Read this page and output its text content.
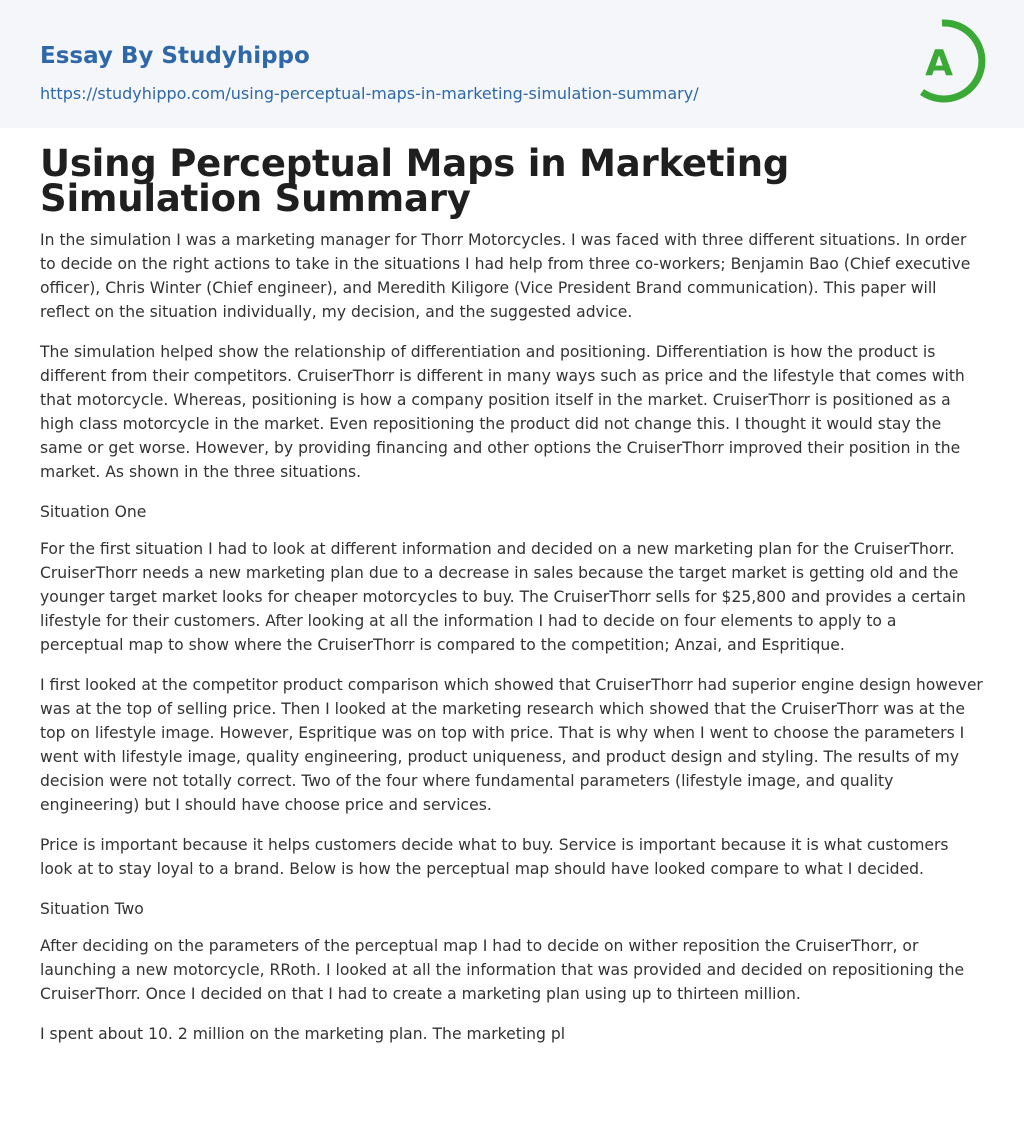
Essay By Studyhippo
https://studyhippo.com/using-perceptual-maps-in-marketing-simulation-summary/
A
Using Perceptual Maps in Marketing Simulation Summary

In the simulation I was a marketing manager for Thorr Motorcycles. I was faced with three different situations. In order to decide on the right actions to take in the situations I had help from three co-workers; Benjamin Bao (Chief executive officer), Chris Winter (Chief engineer), and Meredith Kiligore (Vice President Brand communication). This paper will reflect on the situation individually, my decision, and the suggested advice.

The simulation helped show the relationship of differentiation and positioning. Differentiation is how the product is different from their competitors. CruiserThorr is different in many ways such as price and the lifestyle that comes with that motorcycle. Whereas, positioning is how a company position itself in the market. CruiserThorr is positioned as a high class motorcycle in the market. Even repositioning the product did not change this. I thought it would stay the same or get worse. However, by providing financing and other options the CruiserThorr improved their position in the market. As shown in the three situations.

Situation One

For the first situation I had to look at different information and decided on a new marketing plan for the CruiserThorr. CruiserThorr needs a new marketing plan due to a decrease in sales because the target market is getting old and the younger target market looks for cheaper motorcycles to buy. The CruiserThorr sells for $25,800 and provides a certain lifestyle for their customers. After looking at all the information I had to decide on four elements to apply to a perceptual map to show where the CruiserThorr is compared to the competition; Anzai, and Espritique.

I first looked at the competitor product comparison which showed that CruiserThorr had superior engine design however was at the top of selling price. Then I looked at the marketing research which showed that the CruiserThorr was at the top on lifestyle image. However, Espritique was on top with price. That is why when I went to choose the parameters I went with lifestyle image, quality engineering, product uniqueness, and product design and styling. The results of my decision were not totally correct. Two of the four where fundamental parameters (lifestyle image, and quality engineering) but I should have choose price and services.

Price is important because it helps customers decide what to buy. Service is important because it is what customers look at to stay loyal to a brand. Below is how the perceptual map should have looked compare to what I decided.

Situation Two

After deciding on the parameters of the perceptual map I had to decide on wither reposition the CruiserThorr, or launching a new motorcycle, RRoth. I looked at all the information that was provided and decided on repositioning the CruiserThorr. Once I decided on that I had to create a marketing plan using up to thirteen million.

I spent about 10. 2 million on the marketing plan. The marketing pl
